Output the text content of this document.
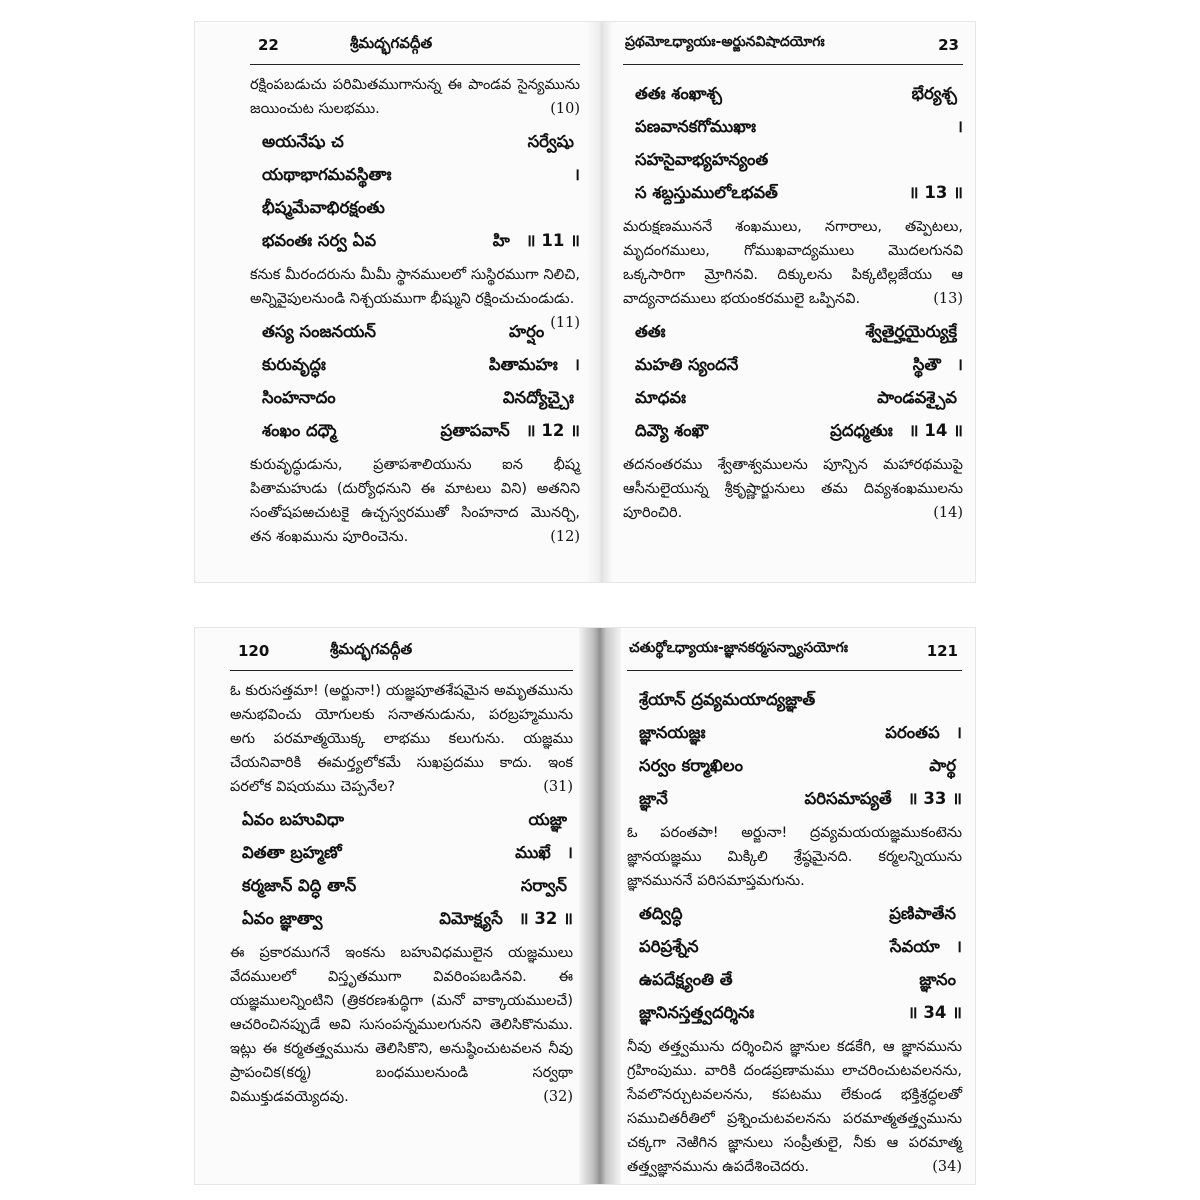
22	శ్రీమద్భగవద్గీత
రక్షింపబడుచు పరిమితముగానున్న ఈ పాండవ సైన్యమును జయించుట సులభము.	(10)
అయనేషు చ	సర్వేషు
యథాభాగమవస్థితాః	।
భీష్మమేవాభిరక్షంతు
భవంతః సర్వ ఏవ	హి ॥ 11 ॥
కనుక మీరందరును మీమీ స్థానములలో సుస్థిరముగా నిలిచి, అన్నివైపులనుండి నిశ్చయముగా భీష్ముని రక్షించుచుండుడు.
(11)
తస్య సంజనయన్	హర్షం
కురువృద్ధః	పితామహః ।
సింహనాదం	వినద్యోచ్చైః
శంఖం దధ్మౌ	ప్రతాపవాన్ ॥ 12 ॥
కురువృద్ధుడును, ప్రతాపశాలియును ఐన భీష్మ పితామహుడు (దుర్యోధనుని ఈ మాటలు విని) అతనిని సంతోషపఱచుటకై ఉచ్చస్వరముతో సింహనాద మొనర్చి, తన శంఖమును పూరించెను.	(12)
ప్రథమోఽధ్యాయః-అర్జునవిషాదయోగః	23
తతః శంఖాశ్చ	భేర్యశ్చ
పణవానకగోముఖాః	।
సహసైవాభ్యహన్యంత
స శబ్దస్తుములోఽభవత్	॥ 13 ॥
మరుక్షణముననే శంఖములు, నగారాలు, తప్పెటలు, మృదంగములు, గోముఖవాద్యములు మొదలగునవి ఒక్కసారిగా మ్రోగినవి. దిక్కులను పిక్కటిల్లజేయు ఆ వాద్యనాదములు భయంకరములై ఒప్పినవి.	(13)
తతః	శ్వేతైర్హయైర్యుక్తే
మహతి స్యందనే	స్థితౌ ।
మాధవః	పాండవశ్చైవ
దివ్యౌ శంఖౌ	ప్రదధ్మతుః ॥ 14 ॥
తదనంతరము శ్వేతాశ్వములను పూన్చిన మహారథముపై ఆసీనులైయున్న శ్రీకృష్ణార్జునులు తమ దివ్యశంఖములను పూరించిరి.	(14)
120	శ్రీమద్భగవద్గీత
ఓ కురుసత్తమా! (అర్జునా!) యజ్ఞపూతశేషమైన అమృతమును అనుభవించు యోగులకు సనాతనుడును, పరబ్రహ్మమును అగు పరమాత్మయొక్క లాభము కలుగును. యజ్ఞము చేయనివారికి ఈమర్త్యలోకమే సుఖప్రదము కాదు. ఇంక పరలోక విషయము చెప్పనేల?	(31)
ఏవం బహువిధా	యజ్ఞా
వితతా బ్రహ్మణో	ముఖే ।
కర్మజాన్ విద్ధి తాన్	సర్వాన్
ఏవం జ్ఞాత్వా	విమోక్ష్యసే ॥ 32 ॥
ఈ ప్రకారముగనే ఇంకను బహువిధములైన యజ్ఞములు వేదములలో విస్తృతముగా వివరింపబడినవి. ఈ యజ్ఞములన్నింటిని (త్రికరణశుద్ధిగా (మనో వాక్కాయములచే) ఆచరించినప్పుడే అవి సుసంపన్నములగునని తెలిసికొనుము. ఇట్లు ఈ కర్మతత్త్వమును తెలిసికొని, అనుష్ఠించుటవలన నీవు ప్రాపంచిక(కర్మ) బంధములనుండి సర్వథా విముక్తుడవయ్యెదవు.	(32)
చతుర్థోఽధ్యాయః-జ్ఞానకర్మసన్న్యాసయోగః	121
శ్రేయాన్ ద్రవ్యమయాద్యజ్ఞాత్
జ్ఞానయజ్ఞః	పరంతప ।
సర్వం కర్మాఖిలం	పార్థ
జ్ఞానే	పరిసమాప్యతే ॥ 33 ॥
ఓ పరంతపా! అర్జునా! ద్రవ్యమయయజ్ఞముకంటెను జ్ఞానయజ్ఞము మిక్కిలి శ్రేష్ఠమైనది. కర్మలన్నియును జ్ఞానముననే పరిసమాప్తమగును.
తద్విద్ధి	ప్రణిపాతేన
పరిప్రశ్నేన	సేవయా ।
ఉపదేక్ష్యంతి తే	జ్ఞానం
జ్ఞానినస్తత్త్వదర్శినః	॥ 34 ॥
నీవు తత్త్వమును దర్శించిన జ్ఞానుల కడకేగి, ఆ జ్ఞానమును గ్రహింపుము. వారికి దండప్రణామము లాచరించుటవలనను, సేవలొనర్చుటవలనను, కపటము లేకుండ భక్తిశ్రద్ధలతో సముచితరీతిలో ప్రశ్నించుటవలనను పరమాత్మతత్త్వమును చక్కగా నెఱిగిన జ్ఞానులు సంప్రీతులై, నీకు ఆ పరమాత్మ తత్త్వజ్ఞానమును ఉపదేశించెదరు.	(34)
